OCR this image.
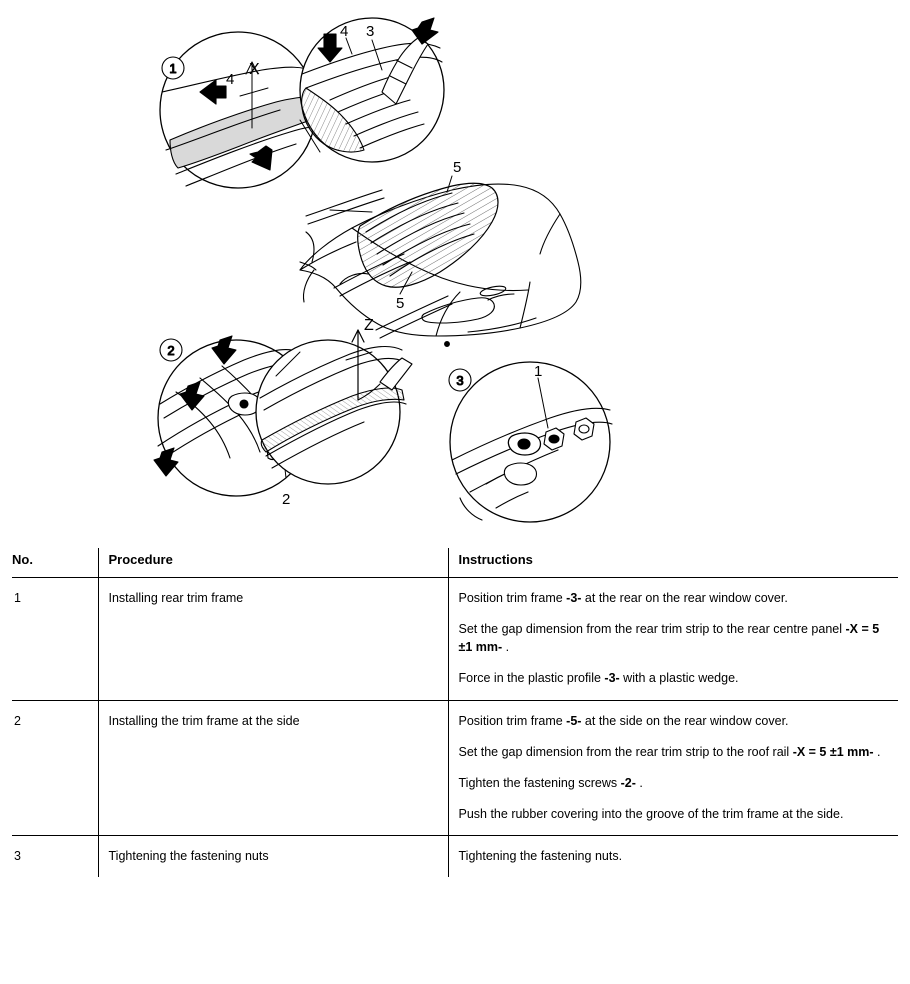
1
2
3
X
4
4 3
5
5
Z
2
1
No.	Procedure	Instructions
1	Installing rear trim frame	Position trim frame -3- at the rear on the rear window cover.
Set the gap dimension from the rear trim strip to the rear centre panel -X = 5 ±1 mm- .
Force in the plastic profile -3- with a plastic wedge.

2	Installing the trim frame at the side	Position trim frame -5- at the side on the rear window cover.
Set the gap dimension from the rear trim strip to the roof rail -X = 5 ±1 mm- .
Tighten the fastening screws -2- .
Push the rubber covering into the groove of the trim frame at the side.

3	Tightening the fastening nuts	Tightening the fastening nuts.
